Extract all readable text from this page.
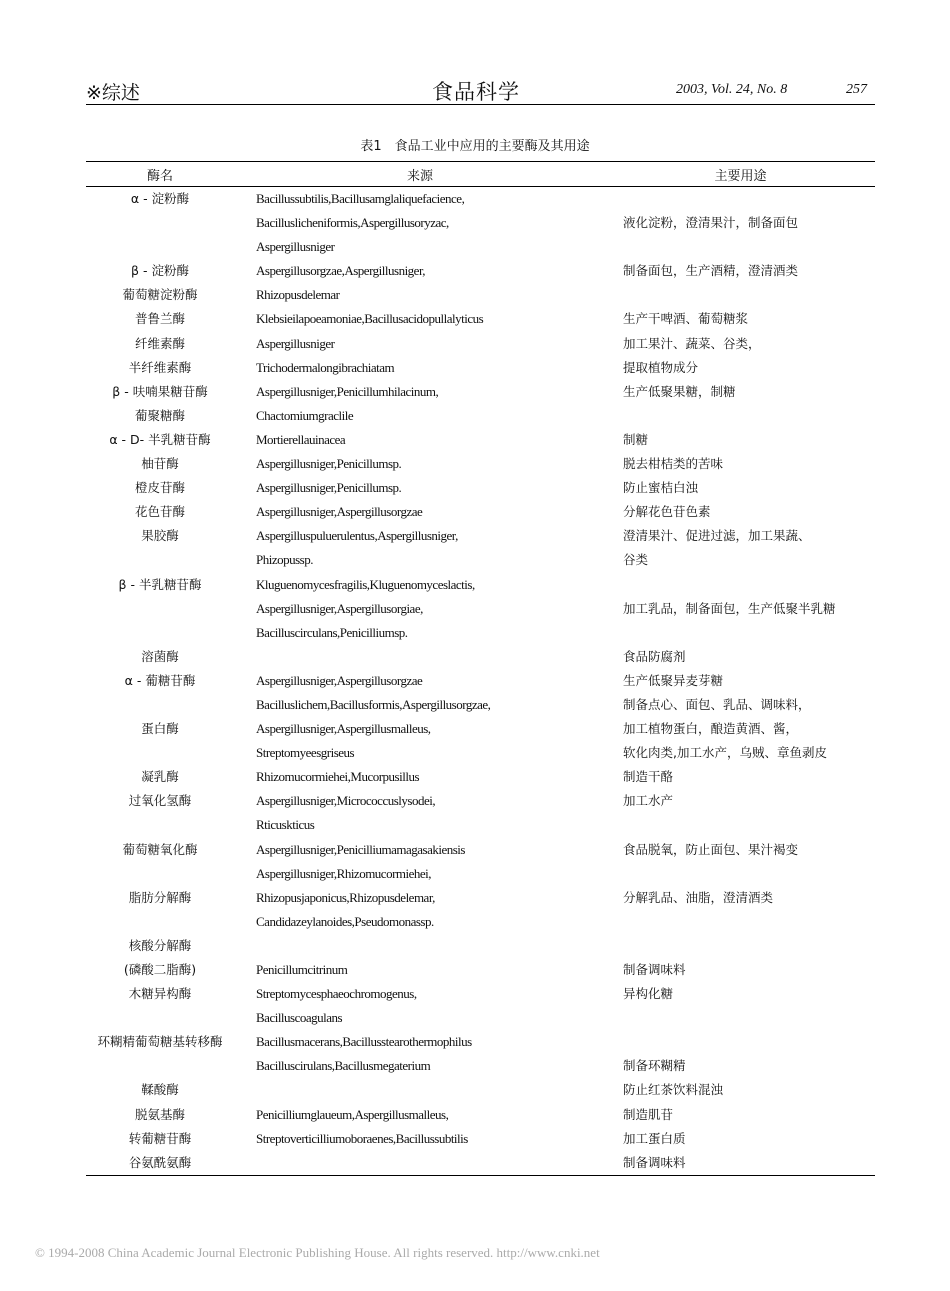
※综述	食品科学	2003, Vol. 24, No. 8	257
表1　食品工业中应用的主要酶及其用途
酶名	来源	主要用途
α - 淀粉酶	Bacillussubtilis,Bacillusamglaliquefacience,	
	Bacilluslicheniformis,Aspergillusoryzac,	液化淀粉，澄清果汁，制备面包
	Aspergillusniger	
β - 淀粉酶	Aspergillusorgzae,Aspergillusniger,	制备面包，生产酒精，澄清酒类
葡萄糖淀粉酶	Rhizopusdelemar	

普鲁兰酶	Klebsieilapoeamoniae,Bacillusacidopullalyticus	生产干啤酒、葡萄糖浆
纤维素酶	Aspergillusniger	加工果汁、蔬菜、谷类，
半纤维素酶	Trichodermalongibrachiatam	提取植物成分
β - 呋喃果糖苷酶	Aspergillusniger,Penicillumhilacinum,	生产低聚果糖，制糖
葡聚糖酶	Chactomiumgraclile	
α - D- 半乳糖苷酶	Mortierellauinacea	制糖
柚苷酶	Aspergillusniger,Penicillumsp.	脱去柑桔类的苦味
橙皮苷酶	Aspergillusniger,Penicillumsp.	防止蜜桔白浊
花色苷酶	Aspergillusniger,Aspergillusorgzae	分解花色苷色素
果胶酶	Aspergilluspuluerulentus,Aspergillusniger,	澄清果汁、促进过滤，加工果蔬、
	Phizopussp.	谷类
β - 半乳糖苷酶	Kluguenomycesfragilis,Kluguenomyceslactis,	
	Aspergillusniger,Aspergillusorgiae,	加工乳品，制备面包，生产低聚半乳糖
	Bacilluscirculans,Penicilliumsp.	
溶菌酶		食品防腐剂
α - 葡糖苷酶	Aspergillusniger,Aspergillusorgzae	生产低聚异麦芽糖
	Bacilluslichem,Bacillusformis,Aspergillusorgzae,	制备点心、面包、乳品、调味料，
蛋白酶	Aspergillusniger,Aspergillusmalleus,	加工植物蛋白，酿造黄酒、酱，
	Streptomyeesgriseus	软化肉类,加工水产，乌贼、章鱼剥皮
凝乳酶	Rhizomucormiehei,Mucorpusillus	制造干酪
过氧化氢酶	Aspergillusniger,Micrococcuslysodei,	加工水产
	Rticuskticus	
葡萄糖氧化酶	Aspergillusniger,Penicilliumamagasakiensis	食品脱氧，防止面包、果汁褐变
	Aspergillusniger,Rhizomucormiehei,	
脂肪分解酶	Rhizopusjaponicus,Rhizopusdelemar,	分解乳品、油脂，澄清酒类
	Candidazeylanoides,Pseudomonassp.	
核酸分解酶		
(磷酸二脂酶)	Penicillumcitrinum	制备调味料
木糖异构酶	Streptomycesphaeochromogenus,	异构化糖
	Bacilluscoagulans	
环糊精葡萄糖基转移酶	Bacillusmacerans,Bacillusstearothermophilus	
	Bacilluscirulans,Bacillusmegaterium	制备环糊精
鞣酸酶		防止红茶饮料混浊
脱氨基酶	Penicilliumglaueum,Aspergillusmalleus,	制造肌苷
转葡糖苷酶	Streptoverticilliumoboraenes,Bacillussubtilis	加工蛋白质
谷氨酰氨酶		制备调味料
© 1994-2008 China Academic Journal Electronic Publishing House. All rights reserved. http://www.cnki.net
